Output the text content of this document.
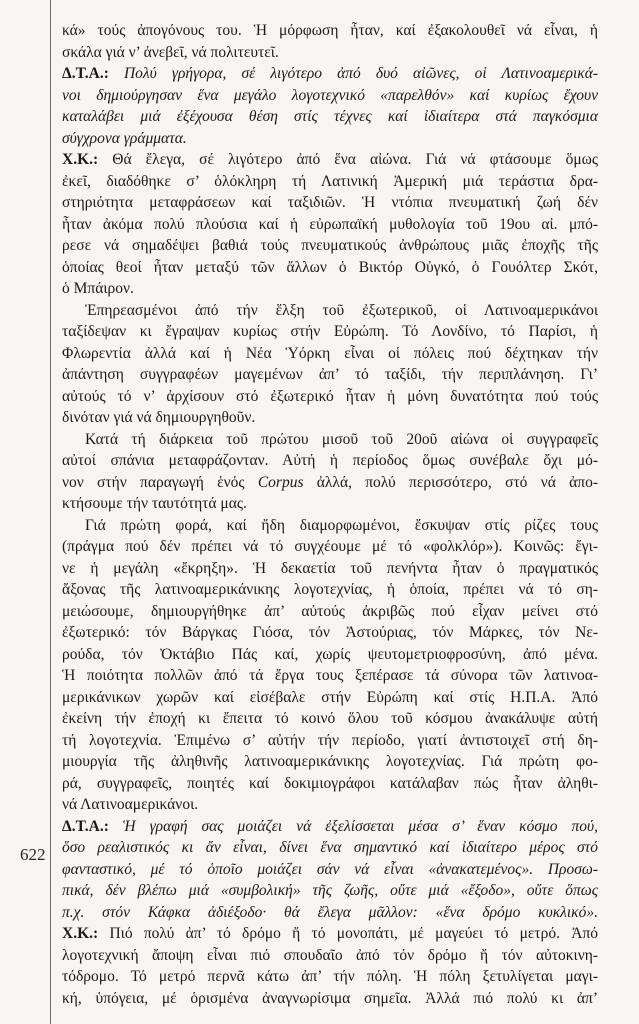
622
κά» τούς ἀπογόνους του. Ἡ μόρφωση ἦταν, καί ἐξακολουθεῖ νά εἶναι, ἡ
σκάλα γιά ν’ ἀνεβεῖ, νά πολιτευτεῖ.
Δ.Τ.Α.: Πολύ γρήγορα, σέ λιγότερο ἀπό δυό αἰῶνες, οἱ Λατινοαμερικά-
νοι δημιούργησαν ἕνα μεγάλο λογοτεχνικό «παρελθόν» καί κυρίως ἔχουν
καταλάβει μιά ἐξέχουσα θέση στίς τέχνες καί ἰδιαίτερα στά παγκόσμια
σύγχρονα γράμματα.
Χ.Κ.: Θά ἔλεγα, σέ λιγότερο ἀπό ἕνα αἰώνα. Γιά νά φτάσουμε ὅμως
ἐκεῖ, διαδόθηκε σ’ ὁλόκληρη τή Λατινική Ἀμερική μιά τεράστια δρα-
στηριότητα μεταφράσεων καί ταξιδιῶν. Ἡ ντόπια πνευματική ζωή δέν
ἦταν ἀκόμα πολύ πλούσια καί ἡ εὐρωπαϊκή μυθολογία τοῦ 19ου αἰ. μπό-
ρεσε νά σημαδέψει βαθιά τούς πνευματικούς ἀνθρώπους μιᾶς ἐποχῆς τῆς
ὁποίας θεοί ἦταν μεταξύ τῶν ἄλλων ὁ Βικτόρ Οὐγκό, ὁ Γουόλτερ Σκότ,
ὁ Μπάιρον.
Ἐπηρεασμένοι ἀπό τήν ἕλξη τοῦ ἐξωτερικοῦ, οἱ Λατινοαμερικάνοι
ταξίδεψαν κι ἔγραψαν κυρίως στήν Εὐρώπη. Τό Λονδίνο, τό Παρίσι, ἡ
Φλωρεντία ἀλλά καί ἡ Νέα Ὑόρκη εἶναι οἱ πόλεις πού δέχτηκαν τήν
ἀπάντηση συγγραφέων μαγεμένων ἀπ’ τό ταξίδι, τήν περιπλάνηση. Γι’
αὐτούς τό ν’ ἀρχίσουν στό ἐξωτερικό ἦταν ἡ μόνη δυνατότητα πού τούς
δινόταν γιά νά δημιουργηθοῦν.
Κατά τή διάρκεια τοῦ πρώτου μισοῦ τοῦ 20οῦ αἰώνα οἱ συγγραφεῖς
αὐτοί σπάνια μεταφράζονταν. Αὐτή ἡ περίοδος ὅμως συνέβαλε ὄχι μό-
νον στήν παραγωγή ἑνός Corpus ἀλλά, πολύ περισσότερο, στό νά ἀπο-
κτήσουμε τήν ταυτότητά μας.
Γιά πρώτη φορά, καί ἤδη διαμορφωμένοι, ἔσκυψαν στίς ρίζες τους
(πράγμα πού δέν πρέπει νά τό συγχέουμε μέ τό «φολκλόρ»). Κοινῶς: ἔγι-
νε ἡ μεγάλη «ἔκρηξη». Ἡ δεκαετία τοῦ πενήντα ἦταν ὁ πραγματικός
ἄξονας τῆς λατινοαμερικάνικης λογοτεχνίας, ἡ ὁποία, πρέπει νά τό ση-
μειώσουμε, δημιουργήθηκε ἀπ’ αὐτούς ἀκριβῶς πού εἶχαν μείνει στό
ἐξωτερικό: τόν Βάργκας Γιόσα, τόν Ἀστούριας, τόν Μάρκες, τόν Νε-
ρούδα, τόν Ὀκτάβιο Πάς καί, χωρίς ψευτομετριοφροσύνη, ἀπό μένα.
Ἡ ποιότητα πολλῶν ἀπό τά ἔργα τους ξεπέρασε τά σύνορα τῶν λατινοα-
μερικάνικων χωρῶν καί εἰσέβαλε στήν Εὐρώπη καί στίς Η.Π.Α. Ἀπό
ἐκείνη τήν ἐποχή κι ἔπειτα τό κοινό ὅλου τοῦ κόσμου ἀνακάλυψε αὐτή
τή λογοτεχνία. Ἐπιμένω σ’ αὐτήν τήν περίοδο, γιατί ἀντιστοιχεῖ στή δη-
μιουργία τῆς ἀληθινῆς λατινοαμερικάνικης λογοτεχνίας. Γιά πρώτη φο-
ρά, συγγραφεῖς, ποιητές καί δοκιμιογράφοι κατάλαβαν πώς ἦταν ἀληθι-
νά Λατινοαμερικάνοι.
Δ.Τ.Α.: Ἡ γραφή σας μοιάζει νά ἐξελίσσεται μέσα σ’ ἕναν κόσμο πού,
ὅσο ρεαλιστικός κι ἄν εἶναι, δίνει ἕνα σημαντικό καί ἰδιαίτερο μέρος στό
φανταστικό, μέ τό ὁποῖο μοιάζει σάν νά εἶναι «ἀνακατεμένος». Προσω-
πικά, δέν βλέπω μιά «συμβολική» τῆς ζωῆς, οὔτε μιά «ἔξοδο», οὔτε ὅπως
π.χ. στόν Κάφκα ἀδιέξοδο· θά ἔλεγα μᾶλλον: «ἕνα δρόμο κυκλικό».
Χ.Κ.: Πιό πολύ ἀπ’ τό δρόμο ἤ τό μονοπάτι, μέ μαγεύει τό μετρό. Ἀπό
λογοτεχνική ἄποψη εἶναι πιό σπουδαῖο ἀπό τόν δρόμο ἤ τόν αὐτοκινη-
τόδρομο. Τό μετρό περνᾶ κάτω ἀπ’ τήν πόλη. Ἡ πόλη ξετυλίγεται μαγι-
κή, ὑπόγεια, μέ ὁρισμένα ἀναγνωρίσιμα σημεῖα. Ἀλλά πιό πολύ κι ἀπ’
